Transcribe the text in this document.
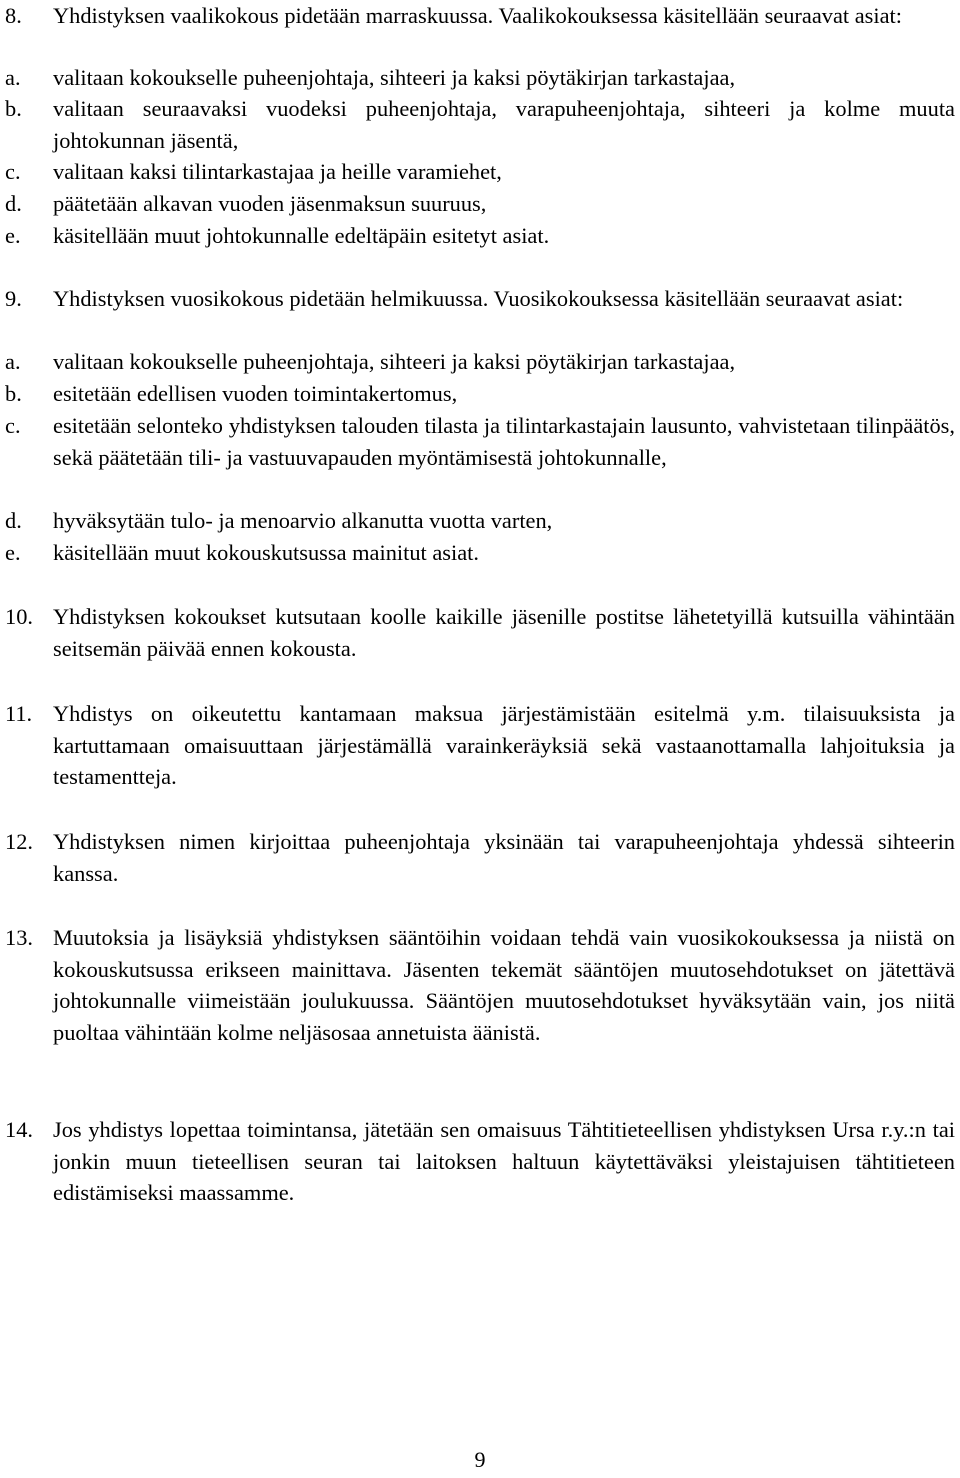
8. Yhdistyksen vaalikokous pidetään marraskuussa. Vaalikokouksessa käsitellään seuraavat asiat:
a. valitaan kokoukselle puheenjohtaja, sihteeri ja kaksi pöytäkirjan tarkastajaa,
b. valitaan seuraavaksi vuodeksi puheenjohtaja, varapuheenjohtaja, sihteeri ja kolme muuta johtokunnan jäsentä,
c. valitaan kaksi tilintarkastajaa ja heille varamiehet,
d. päätetään alkavan vuoden jäsenmaksun suuruus,
e. käsitellään muut johtokunnalle edeltäpäin esitetyt asiat.
9. Yhdistyksen vuosikokous pidetään helmikuussa. Vuosikokouksessa käsitellään seuraavat asiat:
a. valitaan kokoukselle puheenjohtaja, sihteeri ja kaksi pöytäkirjan tarkastajaa,
b. esitetään edellisen vuoden toimintakertomus,
c. esitetään selonteko yhdistyksen talouden tilasta ja tilintarkastajain lausunto, vahvistetaan tilinpäätös, sekä päätetään tili- ja vastuuvapauden myöntämisestä johtokunnalle,
d. hyväksytään tulo- ja menoarvio alkanutta vuotta varten,
e. käsitellään muut kokouskutsussa mainitut asiat.
10. Yhdistyksen kokoukset kutsutaan koolle kaikille jäsenille postitse lähetetyillä kutsuilla vähintään seitsemän päivää ennen kokousta.
11. Yhdistys on oikeutettu kantamaan maksua järjestämistään esitelmä y.m. tilaisuuksista ja kartuttamaan omaisuuttaan järjestämällä varainkeräyksiä sekä vastaanottamalla lahjoituksia ja testamentteja.
12. Yhdistyksen nimen kirjoittaa puheenjohtaja yksinään tai varapuheenjohtaja yhdessä sihteerin kanssa.
13. Muutoksia ja lisäyksiä yhdistyksen sääntöihin voidaan tehdä vain vuosikokouksessa ja niistä on kokouskutsussa erikseen mainittava. Jäsenten tekemät sääntöjen muutosehdotukset on jätettävä johtokunnalle viimeistään joulukuussa. Sääntöjen muutosehdotukset hyväksytään vain, jos niitä puoltaa vähintään kolme neljäsosaa annetuista äänistä.
14. Jos yhdistys lopettaa toimintansa, jätetään sen omaisuus Tähtitieteellisen yhdistyksen Ursa r.y.:n tai jonkin muun tieteellisen seuran tai laitoksen haltuun käytettäväksi yleistajuisen tähtitieteen edistämiseksi maassamme.
9
